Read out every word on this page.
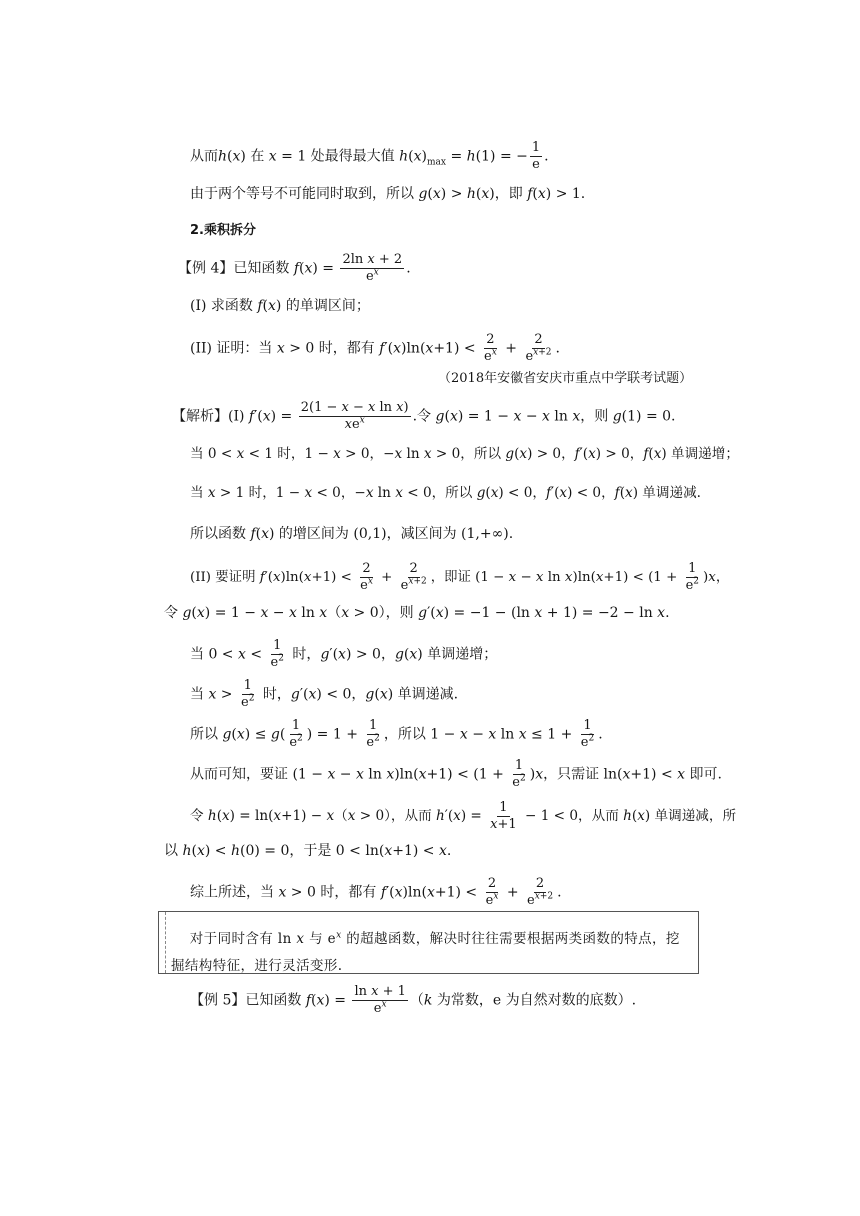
从而h(x) 在 x = 1 处最得最大值 $h(x)_{max} = h(1)$ = − $\frac{1}{e}$ .
由于两个等号不可能同时取到，所以 g(x) > h(x)，即 f(x) > 1.
2.乘积拆分
【例 4】已知函数 $f(x) = \frac{\text{2ln x + 2}}{e^x}$ .
(I) 求函数 f(x) 的单调区间；
(II) 证明：当 x > 0 时，都有 $f'(x)\ln(x+1) < \frac{2}{e^x} + \frac{2}{e^{x+2}}$ .
（2018年安徽省安庆市重点中学联考试题）
【解析】(I) $f'(x) = \frac{\text{2(1 − x − x ln x)}}{xe^x}$ .令 g(x) = 1 − x − x ln x，则 g(1) = 0.
当 0 < x < 1 时，1 − x > 0，−x ln x > 0，所以 g(x) > 0，f′(x) > 0，f(x) 单调递增；
当 x > 1 时，1 − x < 0，−x ln x < 0，所以 g(x) < 0，f′(x) < 0，f(x) 单调递减.
所以函数 f(x) 的增区间为 (0,1)，减区间为 (1,+∞).
(II) 要证明 $f'(x)\ln(x+1) < \frac{2}{e^x} + \frac{2}{e^{x+2}}$ ，即证 (1 − x − x $\ln x)\ln(x+1) < (1 + \frac{1}{e^2} )x$，
令 g(x) = 1 − x − x ln x（x > 0），则 g′(x) = −1 − (ln x + 1) = −2 − ln x.
当 $0 < x < \frac{1}{e^2}$ 时，g′(x) > 0，g(x) 单调递增；
当 $x > \frac{1}{e^2}$ 时，g′(x) < 0，g(x) 单调递减.
所以 $g(x) \le g( \frac{1}{e^2}$ ) = $1 + \frac{1}{e^2}$ ，所以 1 − x − x $\ln x \le 1 + \frac{1}{e^2}$ .
从而可知，要证 (1 − x − x $\ln x)\ln(x+1) < (1 + \frac{1}{e^2} )x$，只需证 ln(x+1) < x 即可.
令 h(x) = ln(x+1) − x（x > 0），从而 $h'(x) = \frac{1}{x+1} - 1 < 0$，从而 h(x) 单调递减，所
以 h(x) < h(0) = 0，于是 0 < ln(x+1) < x.
综上所述，当 x > 0 时，都有 $f'(x)\ln(x+1) < \frac{2}{e^x} + \frac{2}{e^{x+2}}$ .
对于同时含有 ln x 与 $e^x$ 的超越函数，解决时往往需要根据两类函数的特点，挖掘结构特征，进行灵活变形.
【例 5】已知函数 $f(x) = \frac{\text{ln x + 1}}{e^x} (k$ 为常数，e 为自然对数的底数）.
